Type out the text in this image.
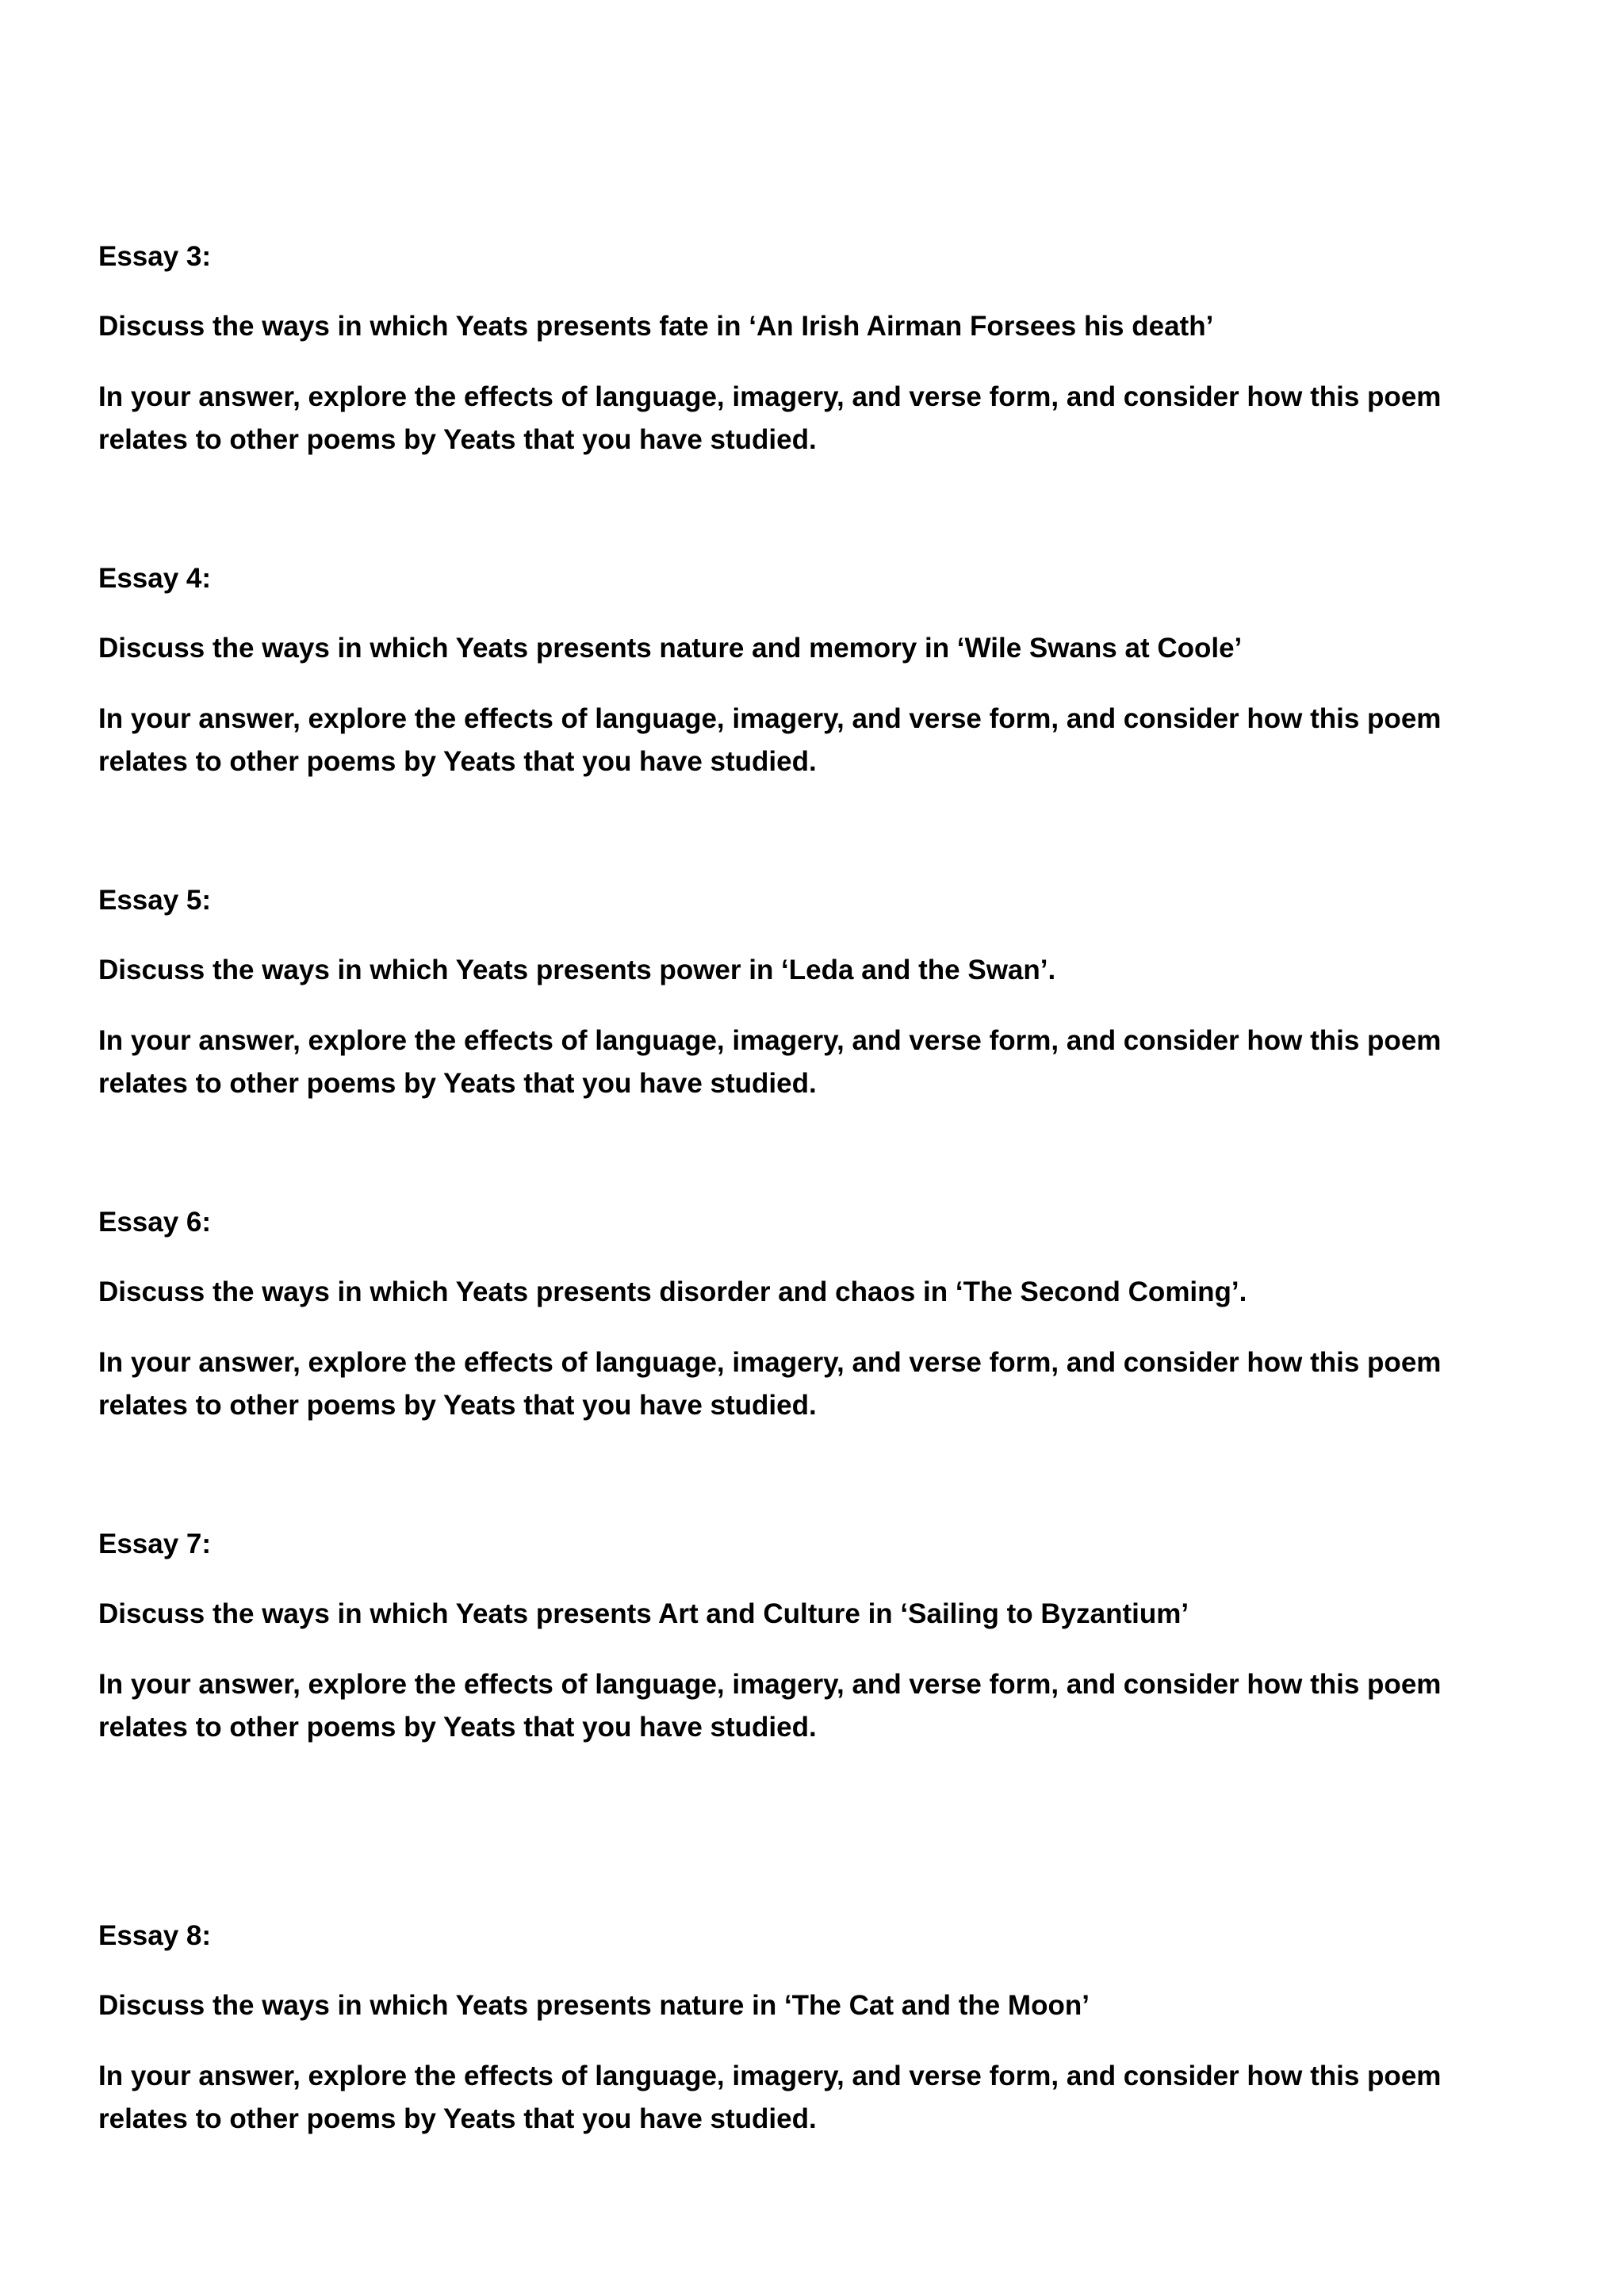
Essay 3:

Discuss the ways in which Yeats presents fate in ‘An Irish Airman Forsees his death’

In your answer, explore the effects of language, imagery, and verse form, and consider how this poem relates to other poems by Yeats that you have studied.

Essay 4:

Discuss the ways in which Yeats presents nature and memory in ‘Wile Swans at Coole’

In your answer, explore the effects of language, imagery, and verse form, and consider how this poem relates to other poems by Yeats that you have studied.

Essay 5:

Discuss the ways in which Yeats presents power in ‘Leda and the Swan’.

In your answer, explore the effects of language, imagery, and verse form, and consider how this poem relates to other poems by Yeats that you have studied.

Essay 6:

Discuss the ways in which Yeats presents disorder and chaos in ‘The Second Coming’.

In your answer, explore the effects of language, imagery, and verse form, and consider how this poem relates to other poems by Yeats that you have studied.

Essay 7:

Discuss the ways in which Yeats presents Art and Culture in ‘Sailing to Byzantium’

In your answer, explore the effects of language, imagery, and verse form, and consider how this poem relates to other poems by Yeats that you have studied.

Essay 8:

Discuss the ways in which Yeats presents nature in ‘The Cat and the Moon’

In your answer, explore the effects of language, imagery, and verse form, and consider how this poem relates to other poems by Yeats that you have studied.
